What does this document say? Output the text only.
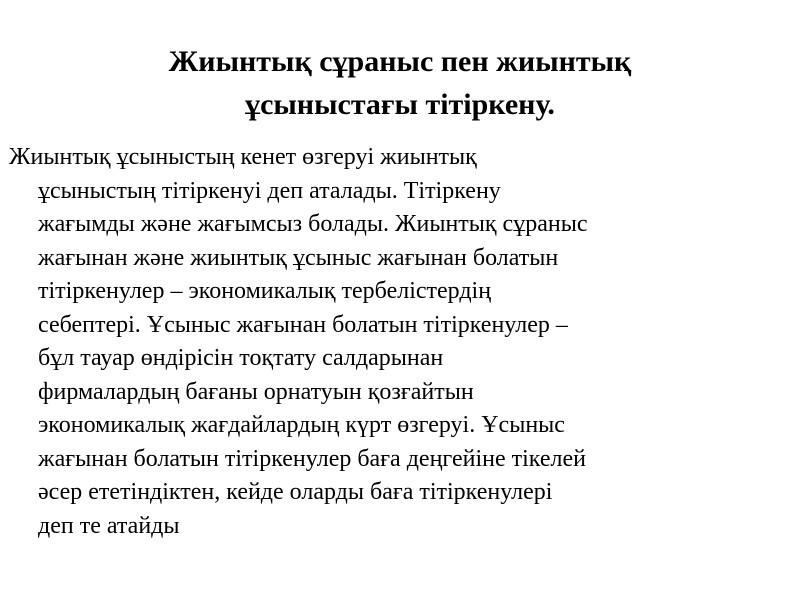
Жиынтық сұраныс пен жиынтық
ұсыныстағы тітіркену.

Жиынтық ұсыныстың кенет өзгеруі жиынтық
ұсыныстың тітіркенуі деп аталады. Тітіркену
жағымды және жағымсыз болады. Жиынтық сұраныс
жағынан және жиынтық ұсыныс жағынан болатын
тітіркенулер – экономикалық тербелістердің
себептері. Ұсыныс жағынан болатын тітіркенулер –
бұл тауар өндірісін тоқтату салдарынан
фирмалардың бағаны орнатуын қозғайтын
экономикалық жағдайлардың күрт өзгеруі. Ұсыныс
жағынан болатын тітіркенулер баға деңгейіне тікелей
әсер ететіндіктен, кейде оларды баға тітіркенулері
деп те атайды
